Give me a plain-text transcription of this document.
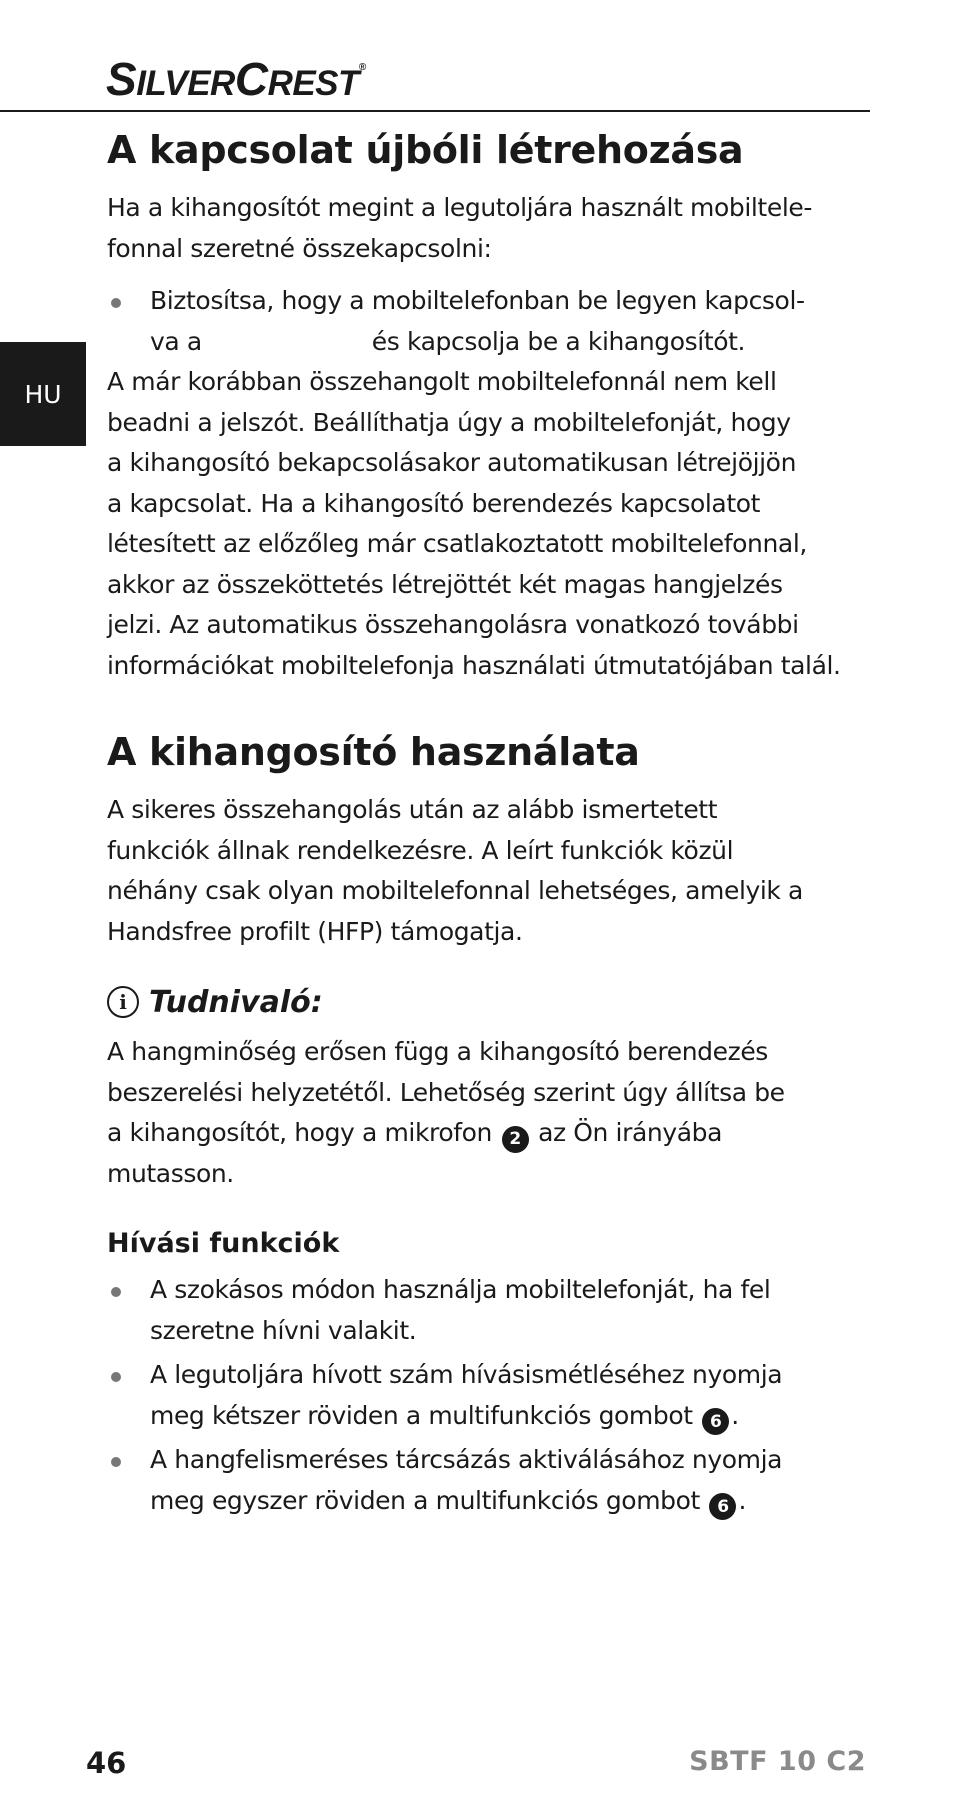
SILVERCREST®
HU
A kapcsolat újbóli létrehozása

Ha a kihangosítót megint a legutoljára használt mobiltele-

fonnal szeretné összekapcsolni:

Biztosítsa, hogy a mobiltelefonban be legyen kapcsol-
va a	és kapcsolja be a kihangosítót.

A már korábban összehangolt mobiltelefonnál nem kell

beadni a jelszót. Beállíthatja úgy a mobiltelefonját, hogy

a kihangosító bekapcsolásakor automatikusan létrejöjjön

a kapcsolat. Ha a kihangosító berendezés kapcsolatot

létesített az előzőleg már csatlakoztatott mobiltelefonnal,

akkor az összeköttetés létrejöttét két magas hangjelzés

jelzi. Az automatikus összehangolásra vonatkozó további

információkat mobiltelefonja használati útmutatójában talál.

A kihangosító használata

A sikeres összehangolás után az alább ismertetett

funkciók állnak rendelkezésre. A leírt funkciók közül

néhány csak olyan mobiltelefonnal lehetséges, amelyik a

Handsfree profilt (HFP) támogatja.

i Tudnivaló:

A hangminőség erősen függ a kihangosító berendezés

beszerelési helyzetétől. Lehetőség szerint úgy állítsa be

a kihangosítót, hogy a mikrofon 2 az Ön irányába

mutasson.

Hívási funkciók
A szokásos módon használja mobiltelefonját, ha fel
szeretne hívni valakit.
A legutoljára hívott szám hívásismétléséhez nyomja
meg kétszer röviden a multifunkciós gombot 6 .
A hangfelismeréses tárcsázás aktiválásához nyomja
meg egyszer röviden a multifunkciós gombot 6 .
46	SBTF 10 C2
